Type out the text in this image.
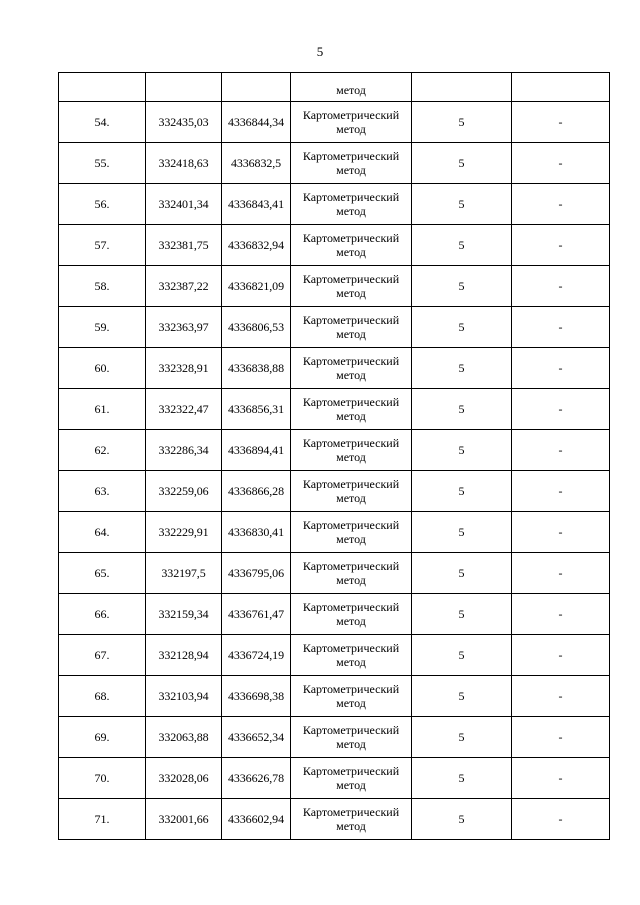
5

			метод		

54.	332435,03	4336844,34	Картометрический
метод	5	-
55.	332418,63	4336832,5	Картометрический
метод	5	-
56.	332401,34	4336843,41	Картометрический
метод	5	-
57.	332381,75	4336832,94	Картометрический
метод	5	-
58.	332387,22	4336821,09	Картометрический
метод	5	-
59.	332363,97	4336806,53	Картометрический
метод	5	-
60.	332328,91	4336838,88	Картометрический
метод	5	-
61.	332322,47	4336856,31	Картометрический
метод	5	-
62.	332286,34	4336894,41	Картометрический
метод	5	-
63.	332259,06	4336866,28	Картометрический
метод	5	-
64.	332229,91	4336830,41	Картометрический
метод	5	-
65.	332197,5	4336795,06	Картометрический
метод	5	-
66.	332159,34	4336761,47	Картометрический
метод	5	-
67.	332128,94	4336724,19	Картометрический
метод	5	-
68.	332103,94	4336698,38	Картометрический
метод	5	-
69.	332063,88	4336652,34	Картометрический
метод	5	-
70.	332028,06	4336626,78	Картометрический
метод	5	-
71.	332001,66	4336602,94	Картометрический
метод	5	-
